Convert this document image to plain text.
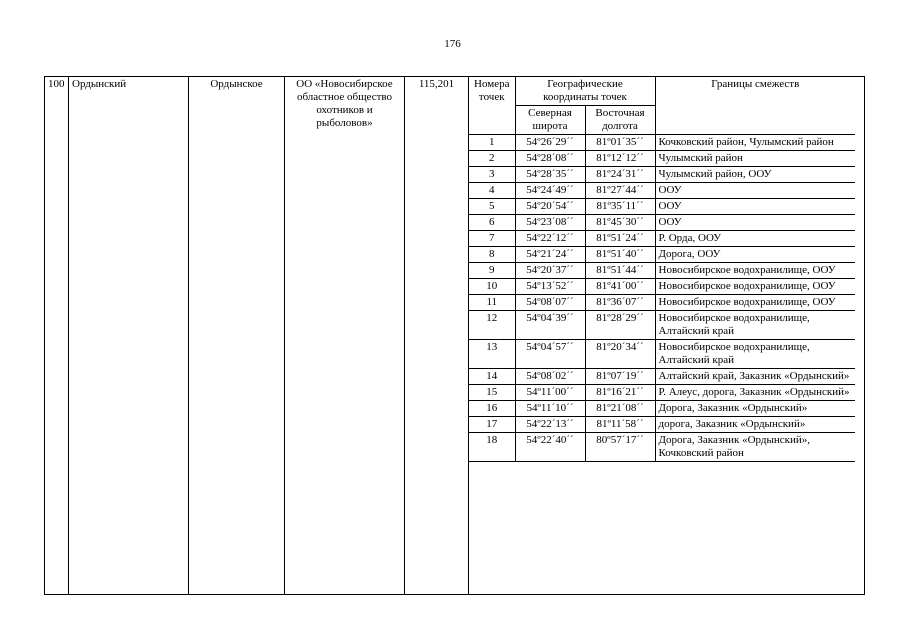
176
100	Ордынский	Ордынское	ОО «Новосибирское областное общество охотников и рыболовов»	115,201	Номера точек	Географические координаты точек	Границы смежеств
Северная широта	Восточная долгота
1	54º26´29´´	81º01´35´´	Кочковский район, Чулымский район
2	54º28´08´´	81º12´12´´	Чулымский район
3	54º28´35´´	81º24´31´´	Чулымский район, ООУ
4	54º24´49´´	81º27´44´´	ООУ
5	54º20´54´´	81º35´11´´	ООУ
6	54º23´08´´	81º45´30´´	ООУ
7	54º22´12´´	81º51´24´´	Р. Орда, ООУ
8	54º21´24´´	81º51´40´´	Дорога, ООУ
9	54º20´37´´	81º51´44´´	Новосибирское водохранилище, ООУ
10	54º13´52´´	81º41´00´´	Новосибирское водохранилище, ООУ
11	54º08´07´´	81º36´07´´	Новосибирское водохранилище, ООУ
12	54º04´39´´	81º28´29´´	Новосибирское водохранилище, Алтайский край
13	54º04´57´´	81º20´34´´	Новосибирское водохранилище, Алтайский край
14	54º08´02´´	81º07´19´´	Алтайский край, Заказник «Ордынский»
15	54º11´00´´	81º16´21´´	Р. Алеус, дорога, Заказник «Ордынский»
16	54º11´10´´	81º21´08´´	Дорога, Заказник «Ордынский»
17	54º22´13´´	81º11´58´´	дорога, Заказник «Ордынский»
18	54º22´40´´	80º57´17´´	Дорога, Заказник «Ордынский», Кочковский район
